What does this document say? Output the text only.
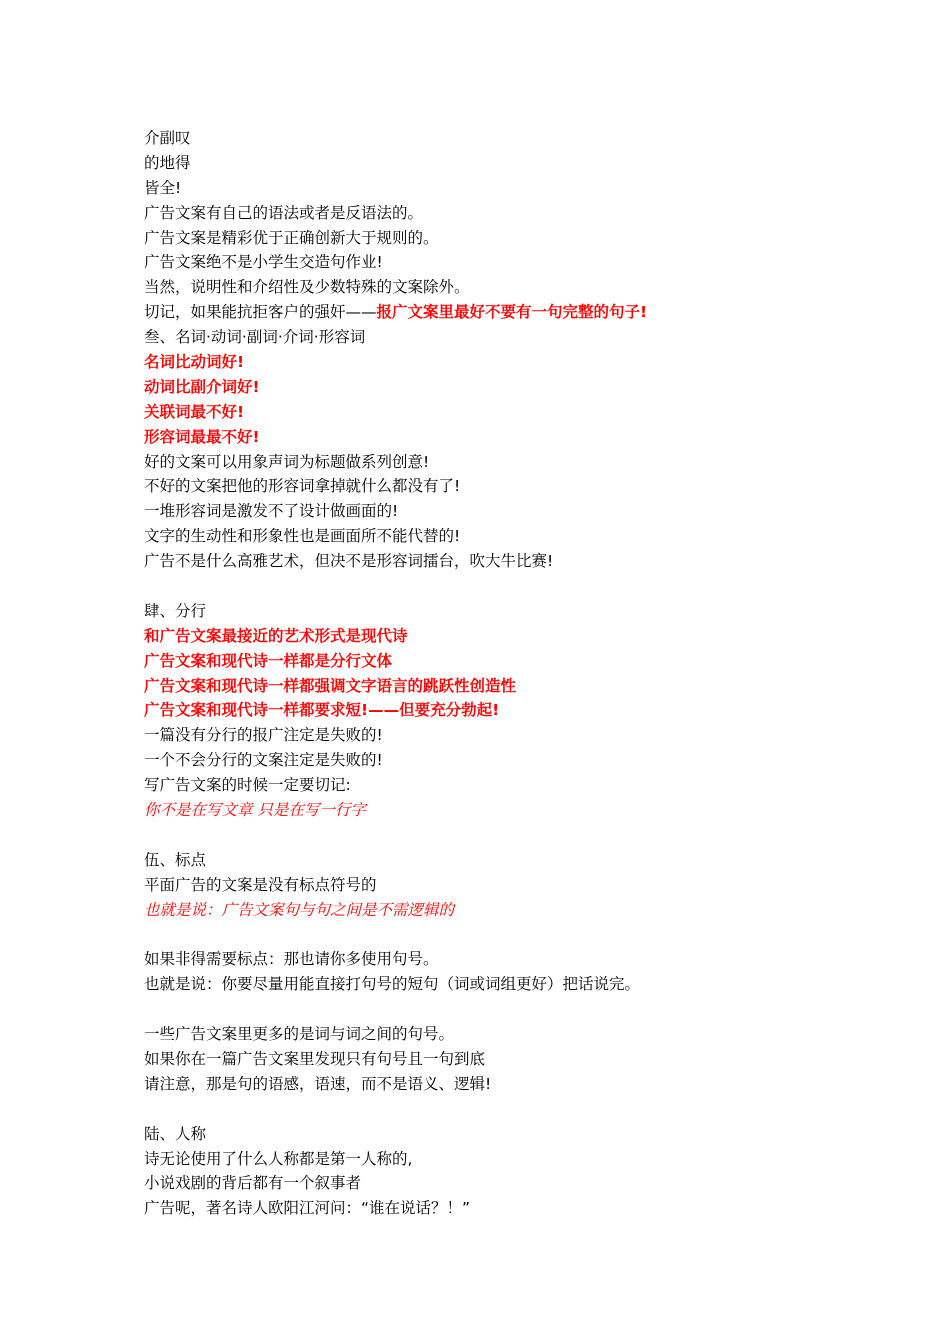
介副叹
的地得
皆全!
广告文案有自己的语法或者是反语法的。
广告文案是精彩优于正确创新大于规则的。
广告文案绝不是小学生交造句作业!
当然，说明性和介绍性及少数特殊的文案除外。
切记，如果能抗拒客户的强奸——报广文案里最好不要有一句完整的句子!
叁、名词·动词·副词·介词·形容词
名词比动词好!
动词比副介词好!
关联词最不好!
形容词最最不好!
好的文案可以用象声词为标题做系列创意!
不好的文案把他的形容词拿掉就什么都没有了!
一堆形容词是激发不了设计做画面的!
文字的生动性和形象性也是画面所不能代替的!
广告不是什么高雅艺术，但决不是形容词擂台，吹大牛比赛!
肆、分行
和广告文案最接近的艺术形式是现代诗
广告文案和现代诗一样都是分行文体
广告文案和现代诗一样都强调文字语言的跳跃性创造性
广告文案和现代诗一样都要求短!——但要充分勃起!
一篇没有分行的报广注定是失败的!
一个不会分行的文案注定是失败的!
写广告文案的时候一定要切记:
你不是在写文章 只是在写一行字
伍、标点
平面广告的文案是没有标点符号的
也就是说：广告文案句与句之间是不需逻辑的
如果非得需要标点：那也请你多使用句号。
也就是说：你要尽量用能直接打句号的短句（词或词组更好）把话说完。
一些广告文案里更多的是词与词之间的句号。
如果你在一篇广告文案里发现只有句号且一句到底
请注意，那是句的语感，语速，而不是语义、逻辑!
陆、人称
诗无论使用了什么人称都是第一人称的,
小说戏剧的背后都有一个叙事者
广告呢，著名诗人欧阳江河问：“谁在说话？！”
